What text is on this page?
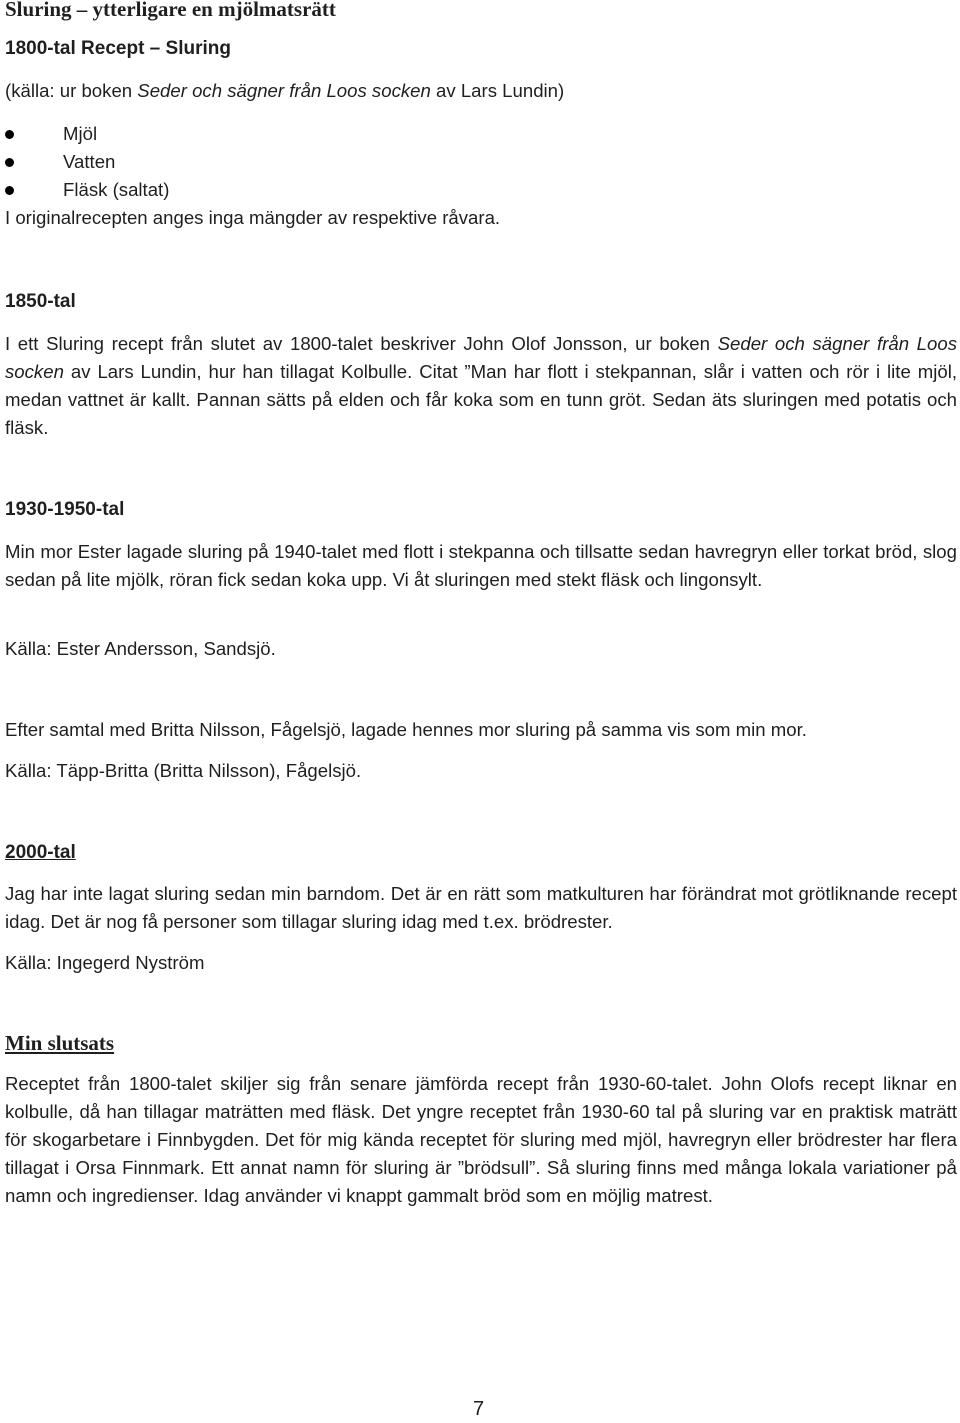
Sluring – ytterligare en mjölmatsrätt
1800-tal Recept – Sluring
(källa: ur boken Seder och sägner från Loos socken av Lars Lundin)
Mjöl
Vatten
Fläsk (saltat)

I originalrecepten anges inga mängder av respektive råvara.

1850-tal

I ett Sluring recept från slutet av 1800-talet beskriver John Olof Jonsson, ur boken Seder och sägner från Loos socken av Lars Lundin, hur han tillagat Kolbulle. Citat ”Man har flott i stekpannan, slår i vatten och rör i lite mjöl, medan vattnet är kallt. Pannan sätts på elden och får koka som en tunn gröt. Sedan äts sluringen med potatis och fläsk.

1930-1950-tal

Min mor Ester lagade sluring på 1940-talet med flott i stekpanna och tillsatte sedan havregryn eller torkat bröd, slog sedan på lite mjölk, röran fick sedan koka upp. Vi åt sluringen med stekt fläsk och lingonsylt.

Källa: Ester Andersson, Sandsjö.

Efter samtal med Britta Nilsson, Fågelsjö, lagade hennes mor sluring på samma vis som min mor.

Källa: Täpp-Britta (Britta Nilsson), Fågelsjö.

2000-tal

Jag har inte lagat sluring sedan min barndom. Det är en rätt som matkulturen har förändrat mot grötliknande recept idag. Det är nog få personer som tillagar sluring idag med t.ex. brödrester.

Källa: Ingegerd Nyström

Min slutsats

Receptet från 1800-talet skiljer sig från senare jämförda recept från 1930-60-talet. John Olofs recept liknar en kolbulle, då han tillagar maträtten med fläsk. Det yngre receptet från 1930-60 tal på sluring var en praktisk maträtt för skogarbetare i Finnbygden. Det för mig kända receptet för sluring med mjöl, havregryn eller brödrester har flera tillagat i Orsa Finnmark. Ett annat namn för sluring är ”brödsull”. Så sluring finns med många lokala variationer på namn och ingredienser. Idag använder vi knappt gammalt bröd som en möjlig matrest.

7
